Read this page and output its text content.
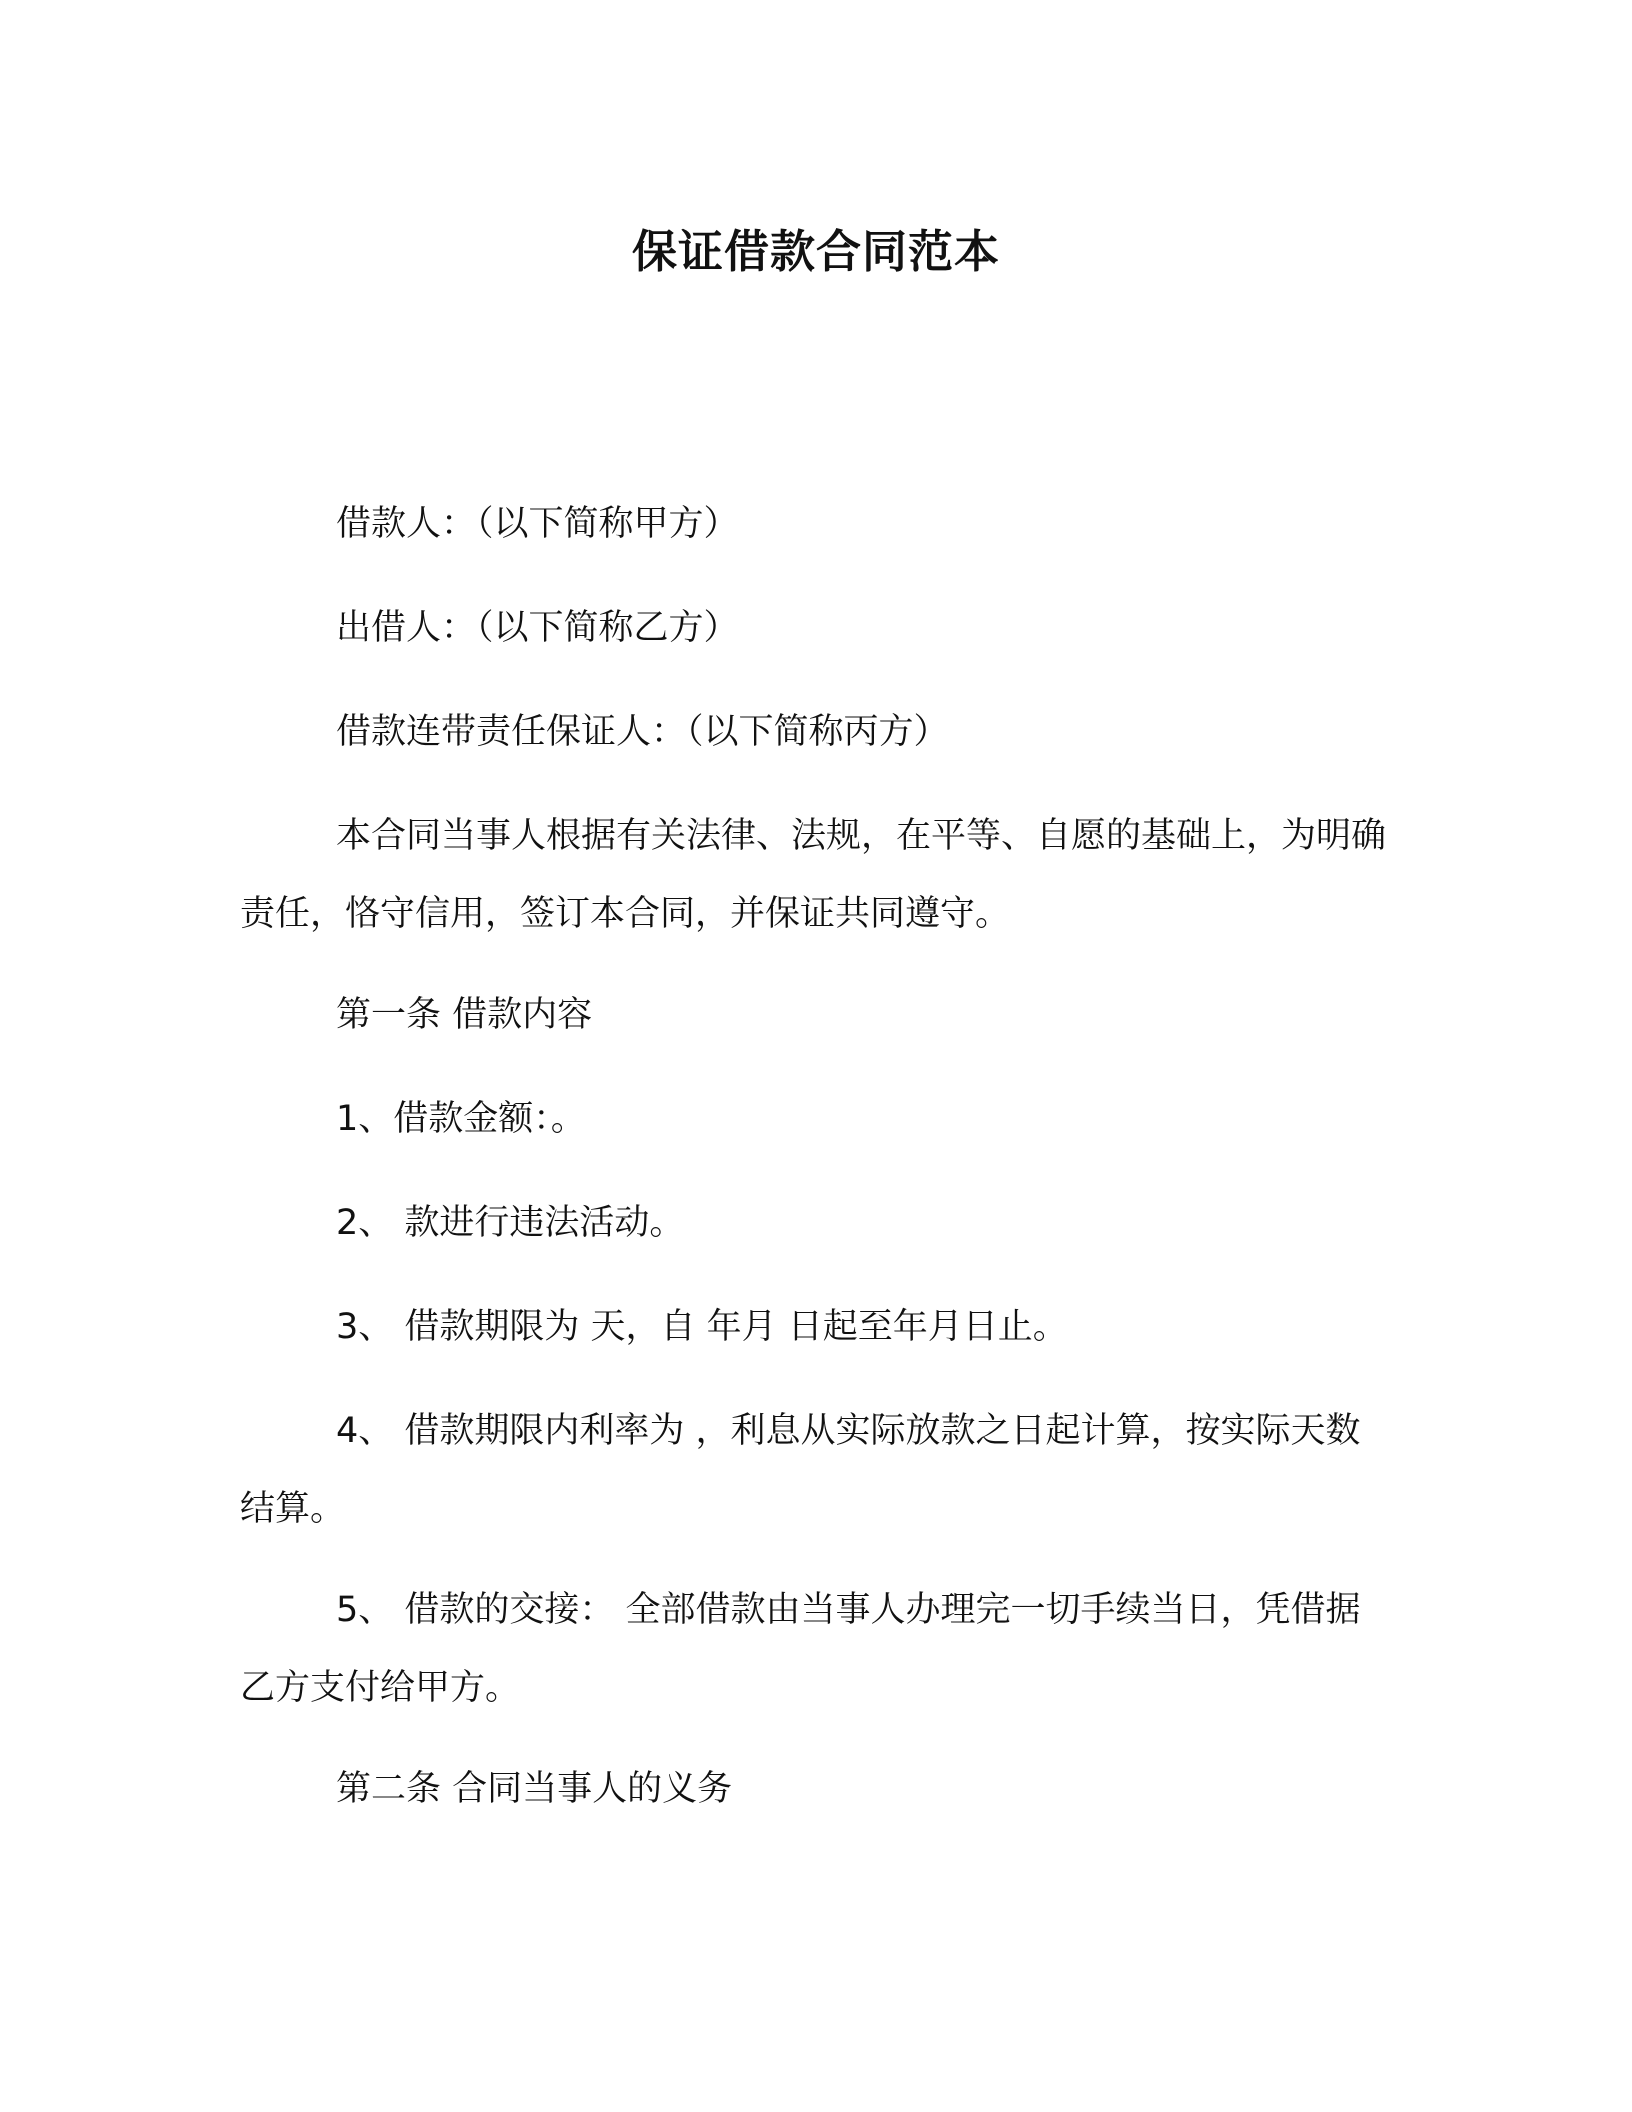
保证借款合同范本

借款人：（以下简称甲方）

出借人：（以下简称乙方）

借款连带责任保证人：（以下简称丙方）

本合同当事人根据有关法律、法规，在平等、自愿的基础上，为明确责任，恪守信用，签订本合同，并保证共同遵守。

第一条 借款内容

1、借款金额：。

2、 款进行违法活动。

3、 借款期限为 天，自 年月 日起至年月日止。

4、 借款期限内利率为 ，利息从实际放款之日起计算，按实际天数结算。

5、 借款的交接： 全部借款由当事人办理完一切手续当日，凭借据乙方支付给甲方。

第二条 合同当事人的义务
